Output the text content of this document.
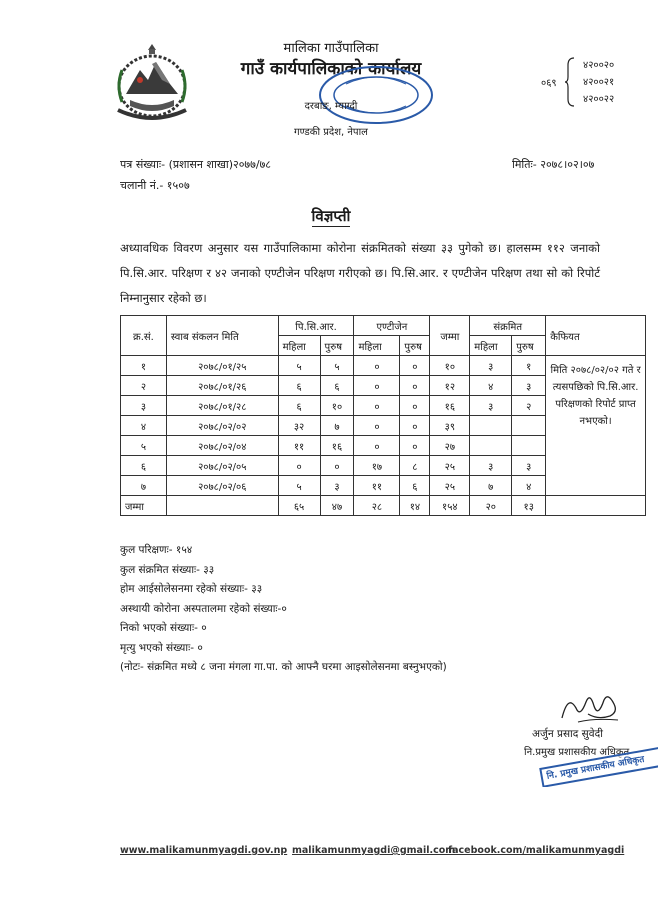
मालिका गाउँपालिका
गाउँ कार्यपालिकाको कार्यालय
दरबाङ, म्याग्दी
गण्डकी प्रदेश, नेपाल
०६९
४२००२०
४२००२१
४२००२२
पत्र संख्याः- (प्रशासन शाखा)२०७७/७८	मितिः- २०७८।०२।०७
चलानी नं.- १५०७
विज्ञप्ती
अध्यावधिक विवरण अनुसार यस गाउँपालिकामा कोरोना संक्रमितको संख्या ३३ पुगेको छ। हालसम्म ११२ जनाको पि.सि.आर. परिक्षण र ४२ जनाको एण्टीजेन परिक्षण गरीएको छ। पि.सि.आर. र एण्टीजेन परिक्षण तथा सो को रिपोर्ट निम्नानुसार रहेको छ।
क्र.सं.	स्वाब संकलन मिति	पि.सि.आर.		एण्टीजेन		जम्मा	संक्रमित		कैफियत
		महिला	पुरुष	महिला	पुरुष		महिला	पुरुष	
१	२०७८/०१/२५	५	५	०	०	१०	३	१	मिति २०७८/०२/०२ गते र त्यसपछिको पि.सि.आर. परिक्षणको रिपोर्ट प्राप्त नभएको।
२	२०७८/०१/२६	६	६	०	०	१२	४	३	
३	२०७८/०१/२८	६	१०	०	०	१६	३	२	
४	२०७८/०२/०२	३२	७	०	०	३९			
५	२०७८/०२/०४	११	१६	०	०	२७			
६	२०७८/०२/०५	०	०	१७	८	२५	३	३	
७	२०७८/०२/०६	५	३	११	६	२५	७	४	
जम्मा		६५	४७	२८	१४	१५४	२०	१३	
कुल परिक्षणः- १५४
कुल संक्रमित संख्याः- ३३
होम आईसोलेसनमा रहेको संख्याः- ३३
अस्थायी कोरोना अस्पतालमा रहेको संख्याः-०
निको भएको संख्याः- ०
मृत्यु भएको संख्याः- ०
(नोटः- संक्रमित मध्ये ८ जना मंगला गा.पा. को आफ्नै घरमा आइसोलेसनमा बस्नुभएको)
अर्जुन प्रसाद सुवेदी
नि.प्रमुख प्रशासकीय अधिकृत
नि. प्रमुख प्रशासकीय अधिकृत
www.malikamunmyagdi.gov.np malikamunmyagdi@gmail.com
facebook.com/malikamunmyagdi
